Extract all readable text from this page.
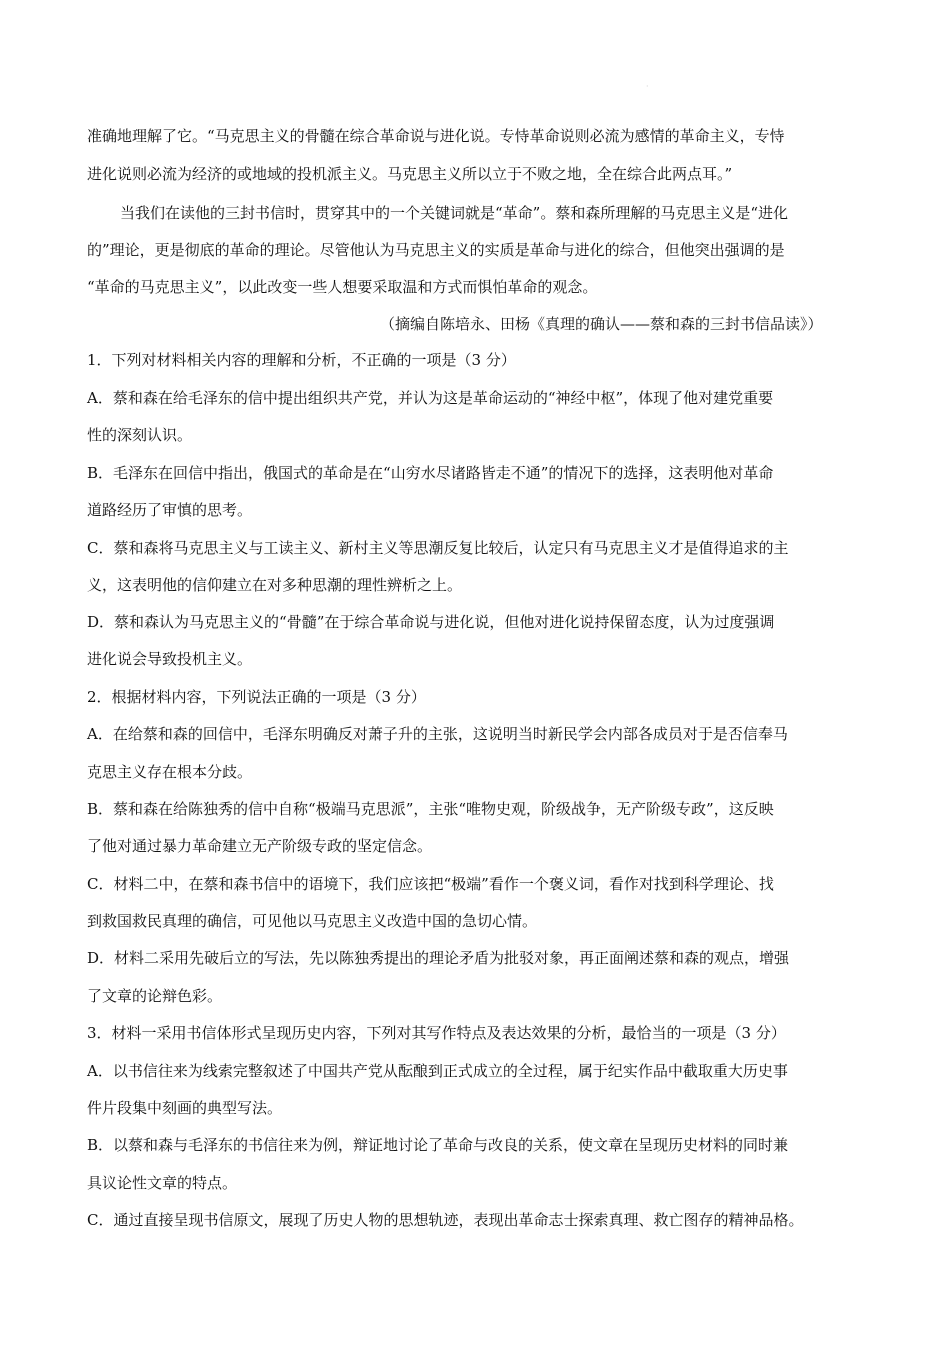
·
准确地理解了它。“马克思主义的骨髓在综合革命说与进化说。专恃革命说则必流为感情的革命主义，专恃
进化说则必流为经济的或地域的投机派主义。马克思主义所以立于不败之地，全在综合此两点耳。”
当我们在读他的三封书信时，贯穿其中的一个关键词就是“革命”。蔡和森所理解的马克思主义是“进化
的”理论，更是彻底的革命的理论。尽管他认为马克思主义的实质是革命与进化的综合，但他突出强调的是
“革命的马克思主义”，以此改变一些人想要采取温和方式而惧怕革命的观念。
（摘编自陈培永、田杨《真理的确认——蔡和森的三封书信品读》）
1．下列对材料相关内容的理解和分析，不正确的一项是（3 分）
A．蔡和森在给毛泽东的信中提出组织共产党，并认为这是革命运动的“神经中枢”，体现了他对建党重要
性的深刻认识。
B．毛泽东在回信中指出，俄国式的革命是在“山穷水尽诸路皆走不通”的情况下的选择，这表明他对革命
道路经历了审慎的思考。
C．蔡和森将马克思主义与工读主义、新村主义等思潮反复比较后，认定只有马克思主义才是值得追求的主
义，这表明他的信仰建立在对多种思潮的理性辨析之上。
D．蔡和森认为马克思主义的“骨髓”在于综合革命说与进化说，但他对进化说持保留态度，认为过度强调
进化说会导致投机主义。
2．根据材料内容，下列说法正确的一项是（3 分）
A．在给蔡和森的回信中，毛泽东明确反对萧子升的主张，这说明当时新民学会内部各成员对于是否信奉马
克思主义存在根本分歧。
B．蔡和森在给陈独秀的信中自称“极端马克思派”，主张“唯物史观，阶级战争，无产阶级专政”，这反映
了他对通过暴力革命建立无产阶级专政的坚定信念。
C．材料二中，在蔡和森书信中的语境下，我们应该把“极端”看作一个褒义词，看作对找到科学理论、找
到救国救民真理的确信，可见他以马克思主义改造中国的急切心情。
D．材料二采用先破后立的写法，先以陈独秀提出的理论矛盾为批驳对象，再正面阐述蔡和森的观点，增强
了文章的论辩色彩。
3．材料一采用书信体形式呈现历史内容，下列对其写作特点及表达效果的分析，最恰当的一项是（3 分）
A．以书信往来为线索完整叙述了中国共产党从酝酿到正式成立的全过程，属于纪实作品中截取重大历史事
件片段集中刻画的典型写法。
B．以蔡和森与毛泽东的书信往来为例，辩证地讨论了革命与改良的关系，使文章在呈现历史材料的同时兼
具议论性文章的特点。
C．通过直接呈现书信原文，展现了历史人物的思想轨迹，表现出革命志士探索真理、救亡图存的精神品格。
